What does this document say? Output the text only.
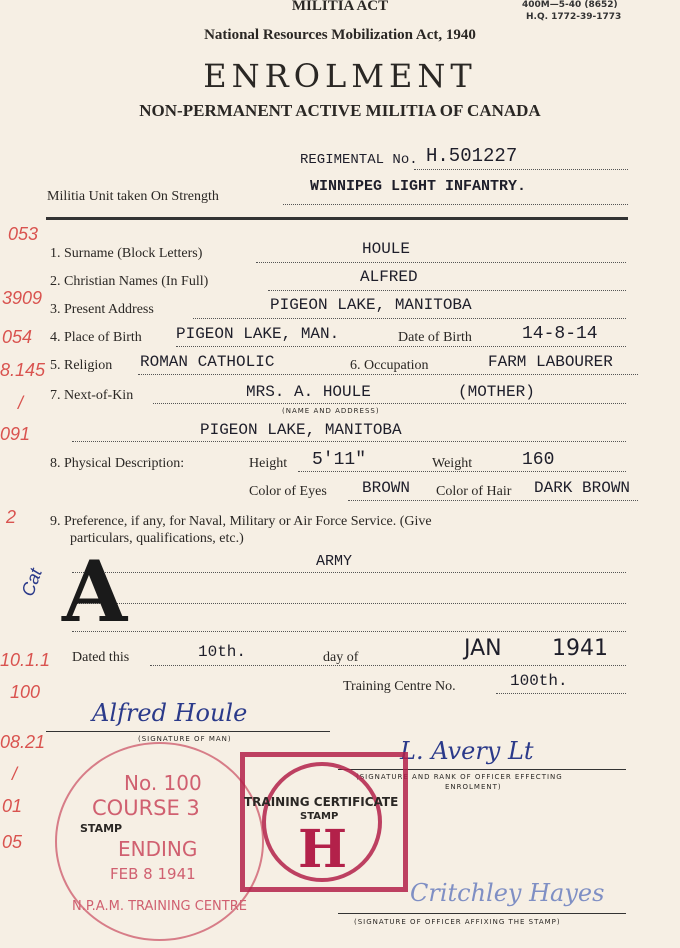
MILITIA ACT	400M—5-40 (8652)
H.Q. 1772-39-1773
National Resources Mobilization Act, 1940
ENROLMENT
NON-PERMANENT ACTIVE MILITIA OF CANADA
REGIMENTAL No. H.501227
Militia Unit taken On Strength
WINNIPEG LIGHT INFANTRY.
1. Surname (Block Letters)	HOULE
2. Christian Names (In Full)	ALFRED
3. Present Address	PIGEON LAKE, MANITOBA
4. Place of Birth PIGEON LAKE, MAN.	Date of Birth	14-8-14
5. Religion ROMAN CATHOLIC	6. Occupation	FARM LABOURER
7. Next-of-Kin	MRS. A. HOULE	(MOTHER)
(NAME AND ADDRESS)
PIGEON LAKE, MANITOBA
8. Physical Description:	Height 5'11"	Weight	160
Color of Eyes BROWN Color of Hair DARK BROWN
9. Preference, if any, for Naval, Military or Air Force Service. (Give
particulars, qualifications, etc.)
ARMY
A
Cat
Dated this	10th.	day of	JAN 1941
Training Centre No.	100th.
Alfred Houle
(SIGNATURE OF MAN)	L. Avery Lt
(SIGNATURE AND RANK OF OFFICER EFFECTING
ENROLMENT)
Critchley Hayes
(SIGNATURE OF OFFICER AFFIXING THE STAMP)
No. 100
COURSE 3
STAMP
ENDING
FEB 8 1941
N.P.A.M. TRAINING CENTRE
TRAINING CERTIFICATE
STAMP
H
053
3909
054
8.145
/
091
2
10.1.1
100
08.21
/
01
05
